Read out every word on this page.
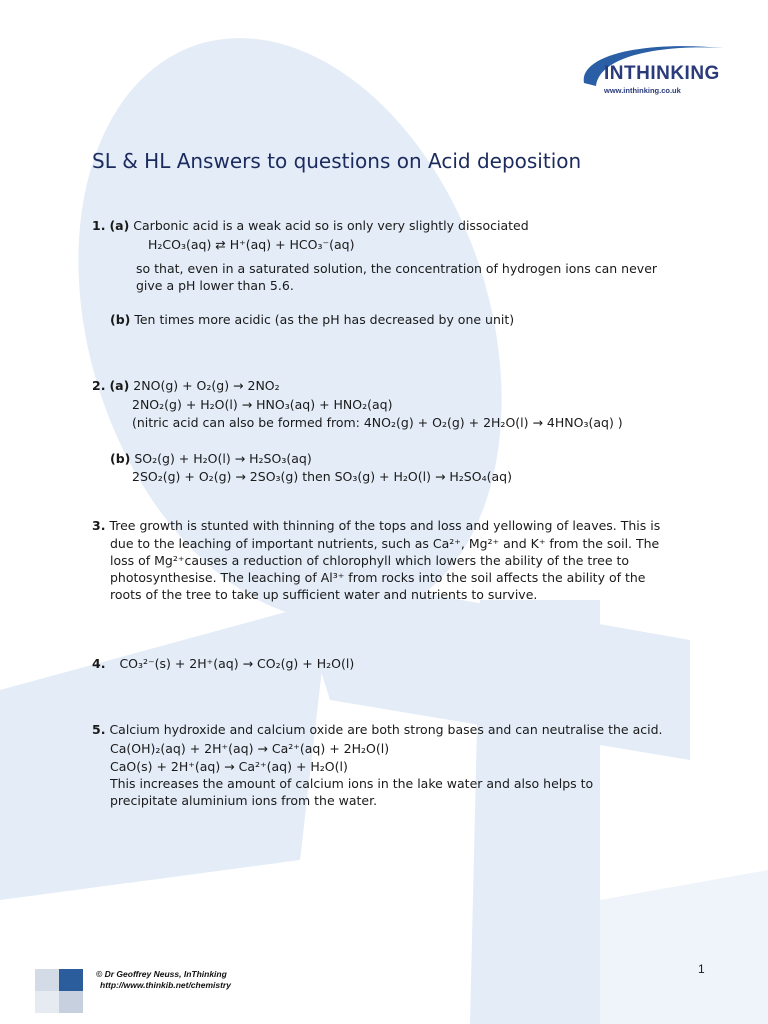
INTHINKING
www.inthinking.co.uk
SL & HL Answers to questions on Acid deposition
1. (a) Carbonic acid is a weak acid so is only very slightly dissociated
H₂CO₃(aq) ⇄ H⁺(aq) + HCO₃⁻(aq)
so that, even in a saturated solution, the concentration of hydrogen ions can never
give a pH lower than 5.6.
(b) Ten times more acidic (as the pH has decreased by one unit)
2. (a) 2NO(g) + O₂(g) → 2NO₂
2NO₂(g) + H₂O(l) → HNO₃(aq) + HNO₂(aq)
(nitric acid can also be formed from: 4NO₂(g) + O₂(g) + 2H₂O(l) → 4HNO₃(aq) )
(b) SO₂(g) + H₂O(l) → H₂SO₃(aq)
2SO₂(g) + O₂(g) → 2SO₃(g) then SO₃(g) + H₂O(l) → H₂SO₄(aq)
3. Tree growth is stunted with thinning of the tops and loss and yellowing of leaves. This is
due to the leaching of important nutrients, such as Ca²⁺, Mg²⁺ and K⁺ from the soil. The
loss of Mg²⁺causes a reduction of chlorophyll which lowers the ability of the tree to
photosynthesise. The leaching of Al³⁺ from rocks into the soil affects the ability of the
roots of the tree to take up sufficient water and nutrients to survive.
4. CO₃²⁻(s) + 2H⁺(aq) → CO₂(g) + H₂O(l)
5. Calcium hydroxide and calcium oxide are both strong bases and can neutralise the acid.
Ca(OH)₂(aq) + 2H⁺(aq) → Ca²⁺(aq) + 2H₂O(l)
CaO(s) + 2H⁺(aq) → Ca²⁺(aq) + H₂O(l)
This increases the amount of calcium ions in the lake water and also helps to
precipitate aluminium ions from the water.
© Dr Geoffrey Neuss, InThinking
http://www.thinkib.net/chemistry
1
